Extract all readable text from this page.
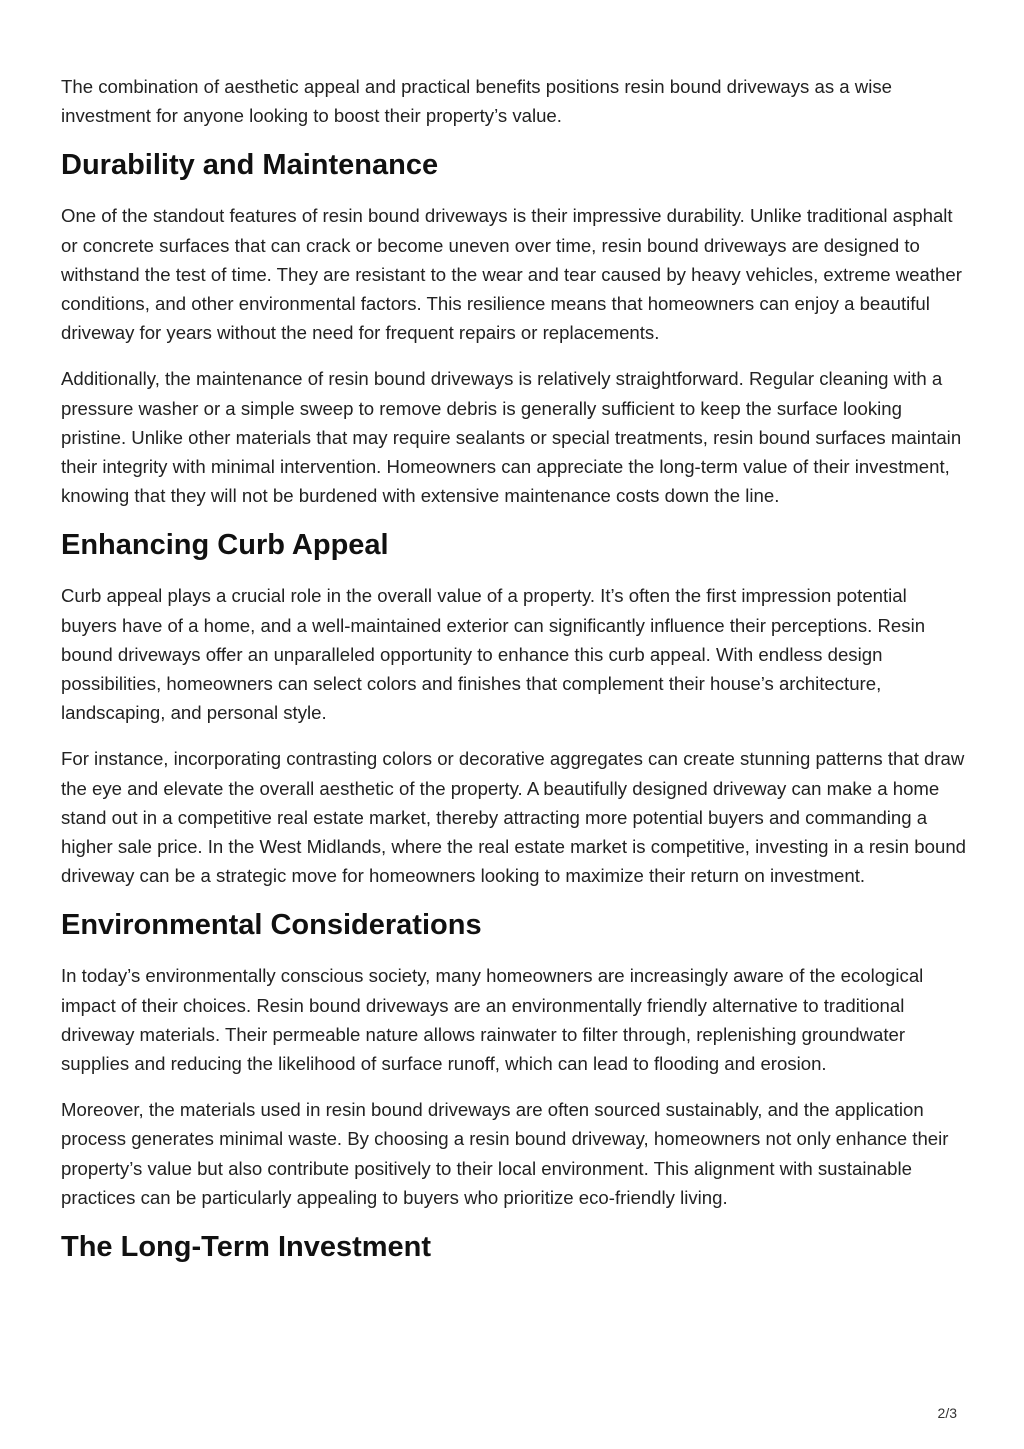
The combination of aesthetic appeal and practical benefits positions resin bound driveways as a wise investment for anyone looking to boost their property’s value.

Durability and Maintenance

One of the standout features of resin bound driveways is their impressive durability. Unlike traditional asphalt or concrete surfaces that can crack or become uneven over time, resin bound driveways are designed to withstand the test of time. They are resistant to the wear and tear caused by heavy vehicles, extreme weather conditions, and other environmental factors. This resilience means that homeowners can enjoy a beautiful driveway for years without the need for frequent repairs or replacements.

Additionally, the maintenance of resin bound driveways is relatively straightforward. Regular cleaning with a pressure washer or a simple sweep to remove debris is generally sufficient to keep the surface looking pristine. Unlike other materials that may require sealants or special treatments, resin bound surfaces maintain their integrity with minimal intervention. Homeowners can appreciate the long-term value of their investment, knowing that they will not be burdened with extensive maintenance costs down the line.

Enhancing Curb Appeal

Curb appeal plays a crucial role in the overall value of a property. It’s often the first impression potential buyers have of a home, and a well-maintained exterior can significantly influence their perceptions. Resin bound driveways offer an unparalleled opportunity to enhance this curb appeal. With endless design possibilities, homeowners can select colors and finishes that complement their house’s architecture, landscaping, and personal style.

For instance, incorporating contrasting colors or decorative aggregates can create stunning patterns that draw the eye and elevate the overall aesthetic of the property. A beautifully designed driveway can make a home stand out in a competitive real estate market, thereby attracting more potential buyers and commanding a higher sale price. In the West Midlands, where the real estate market is competitive, investing in a resin bound driveway can be a strategic move for homeowners looking to maximize their return on investment.

Environmental Considerations

In today’s environmentally conscious society, many homeowners are increasingly aware of the ecological impact of their choices. Resin bound driveways are an environmentally friendly alternative to traditional driveway materials. Their permeable nature allows rainwater to filter through, replenishing groundwater supplies and reducing the likelihood of surface runoff, which can lead to flooding and erosion.

Moreover, the materials used in resin bound driveways are often sourced sustainably, and the application process generates minimal waste. By choosing a resin bound driveway, homeowners not only enhance their property’s value but also contribute positively to their local environment. This alignment with sustainable practices can be particularly appealing to buyers who prioritize eco-friendly living.

The Long-Term Investment
2/3
